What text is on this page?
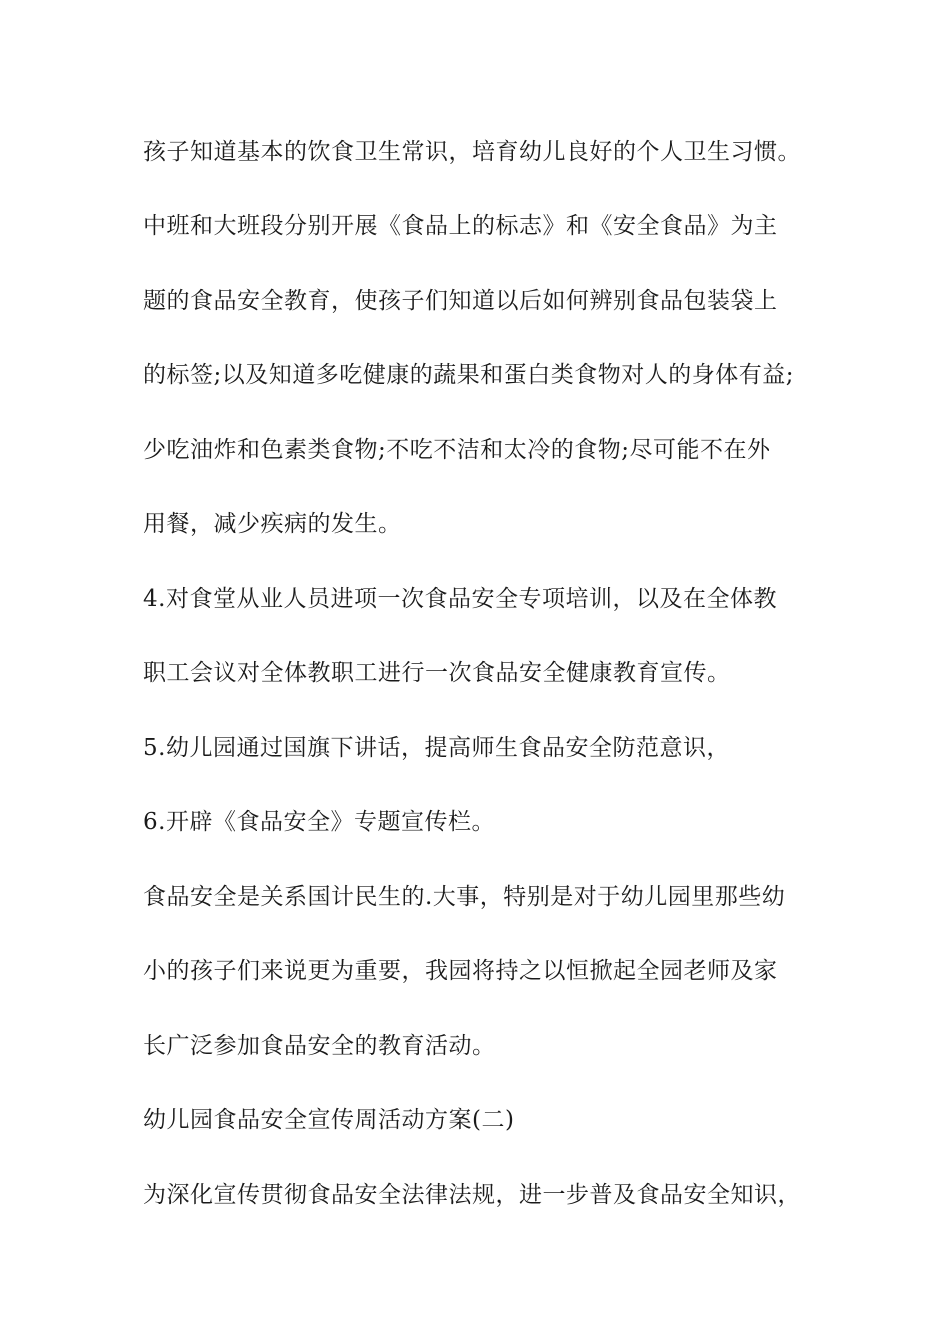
孩子知道基本的饮食卫生常识，培育幼儿良好的个人卫生习惯。
中班和大班段分别开展《食品上的标志》和《安全食品》为主
题的食品安全教育，使孩子们知道以后如何辨别食品包装袋上
的标签;以及知道多吃健康的蔬果和蛋白类食物对人的身体有益;
少吃油炸和色素类食物;不吃不洁和太冷的食物;尽可能不在外
用餐，减少疾病的发生。
4.对食堂从业人员进项一次食品安全专项培训，以及在全体教
职工会议对全体教职工进行一次食品安全健康教育宣传。
5.幼儿园通过国旗下讲话，提高师生食品安全防范意识，
6.开辟《食品安全》专题宣传栏。
食品安全是关系国计民生的.大事，特别是对于幼儿园里那些幼
小的孩子们来说更为重要，我园将持之以恒掀起全园老师及家
长广泛参加食品安全的教育活动。
幼儿园食品安全宣传周活动方案(二)
为深化宣传贯彻食品安全法律法规，进一步普及食品安全知识，
